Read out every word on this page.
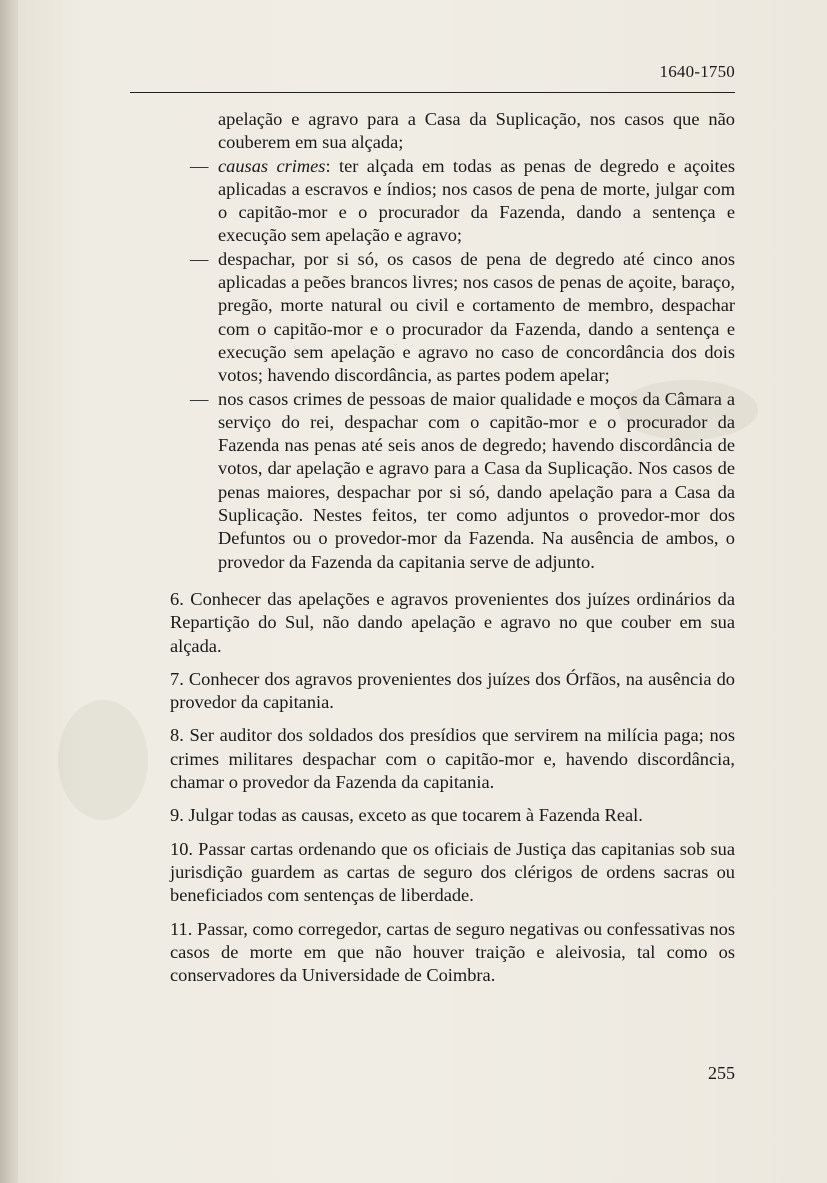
1640-1750

apelação e agravo para a Casa da Suplicação, nos casos que não couberem em sua alçada;

— causas crimes: ter alçada em todas as penas de degredo e açoites aplicadas a escravos e índios; nos casos de pena de morte, julgar com o capitão-mor e o procurador da Fazenda, dando a sentença e execução sem apelação e agravo;

— despachar, por si só, os casos de pena de degredo até cinco anos aplicadas a peões brancos livres; nos casos de penas de açoite, baraço, pregão, morte natural ou civil e cortamento de membro, despachar com o capitão-mor e o procurador da Fazenda, dando a sentença e execução sem apelação e agravo no caso de concordância dos dois votos; havendo discordância, as partes podem apelar;

— nos casos crimes de pessoas de maior qualidade e moços da Câmara a serviço do rei, despachar com o capitão-mor e o procurador da Fazenda nas penas até seis anos de degredo; havendo discordância de votos, dar apelação e agravo para a Casa da Suplicação. Nos casos de penas maiores, despachar por si só, dando apelação para a Casa da Suplicação. Nestes feitos, ter como adjuntos o provedor-mor dos Defuntos ou o provedor-mor da Fazenda. Na ausência de ambos, o provedor da Fazenda da capitania serve de adjunto.

6. Conhecer das apelações e agravos provenientes dos juízes ordinários da Repartição do Sul, não dando apelação e agravo no que couber em sua alçada.

7. Conhecer dos agravos provenientes dos juízes dos Órfãos, na ausência do provedor da capitania.

8. Ser auditor dos soldados dos presídios que servirem na milícia paga; nos crimes militares despachar com o capitão-mor e, havendo discordância, chamar o provedor da Fazenda da capitania.

9. Julgar todas as causas, exceto as que tocarem à Fazenda Real.

10. Passar cartas ordenando que os oficiais de Justiça das capitanias sob sua jurisdição guardem as cartas de seguro dos clérigos de ordens sacras ou beneficiados com sentenças de liberdade.

11. Passar, como corregedor, cartas de seguro negativas ou confessativas nos casos de morte em que não houver traição e aleivosia, tal como os conservadores da Universidade de Coimbra.

255
